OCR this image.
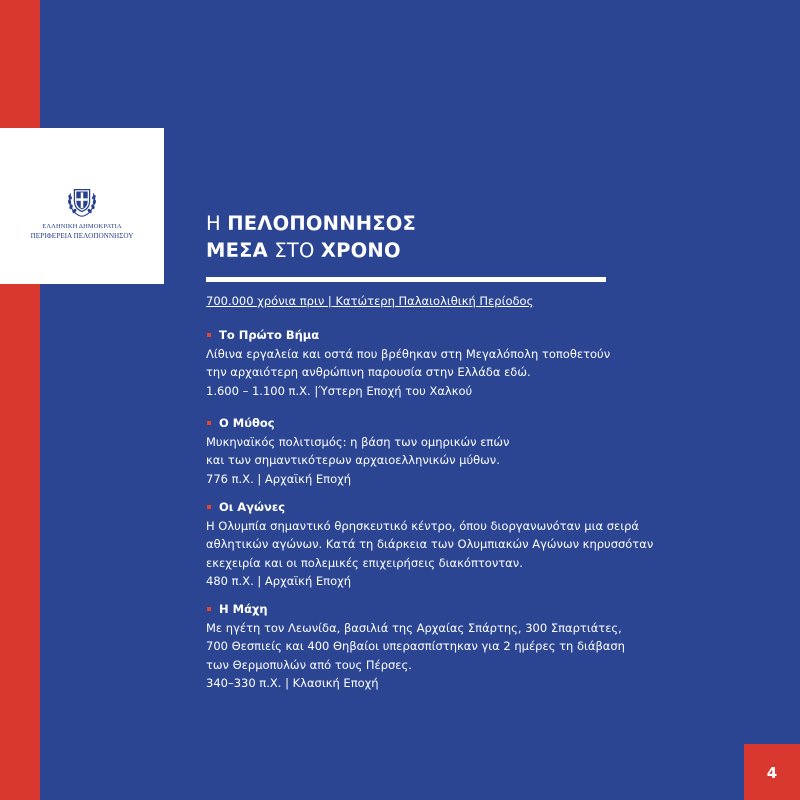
ΕΛΛΗΝΙΚΗ ΔΗΜΟΚΡΑΤΙΑ
ΠΕΡΙΦΕΡΕΙΑ ΠΕΛΟΠΟΝΝΗΣΟΥ
Η ΠΕΛΟΠΟΝΝΗΣΟΣ
ΜΕΣΑ ΣΤΟ ΧΡΟΝΟ
700.000 χρόνια πριν | Κατώτερη Παλαιολιθική Περίοδος
Το Πρώτο Βήμα
Λίθινα εργαλεία και οστά που βρέθηκαν στη Μεγαλόπολη τοποθετούν
την αρχαιότερη ανθρώπινη παρουσία στην Ελλάδα εδώ.
1.600 – 1.100 π.Χ. |Ύστερη Εποχή του Χαλκού
Ο Μύθος
Μυκηναϊκός πολιτισμός: η βάση των ομηρικών επών
και των σημαντικότερων αρχαιοελληνικών μύθων.
776 π.Χ. | Αρχαϊκή Εποχή
Οι Αγώνες
Η Ολυμπία σημαντικό θρησκευτικό κέντρο, όπου διοργανωνόταν μια σειρά
αθλητικών αγώνων. Κατά τη διάρκεια των Ολυμπιακών Αγώνων κηρυσσόταν
εκεχειρία και οι πολεμικές επιχειρήσεις διακόπτονταν.
480 π.Χ. | Αρχαϊκή Εποχή
Η Μάχη
Με ηγέτη τον Λεωνίδα, βασιλιά της Αρχαίας Σπάρτης, 300 Σπαρτιάτες,
700 Θεσπιείς και 400 Θηβαίοι υπερασπίστηκαν για 2 ημέρες τη διάβαση
των Θερμοπυλών από τους Πέρσες.
340–330 π.Χ. | Κλασική Εποχή
4
